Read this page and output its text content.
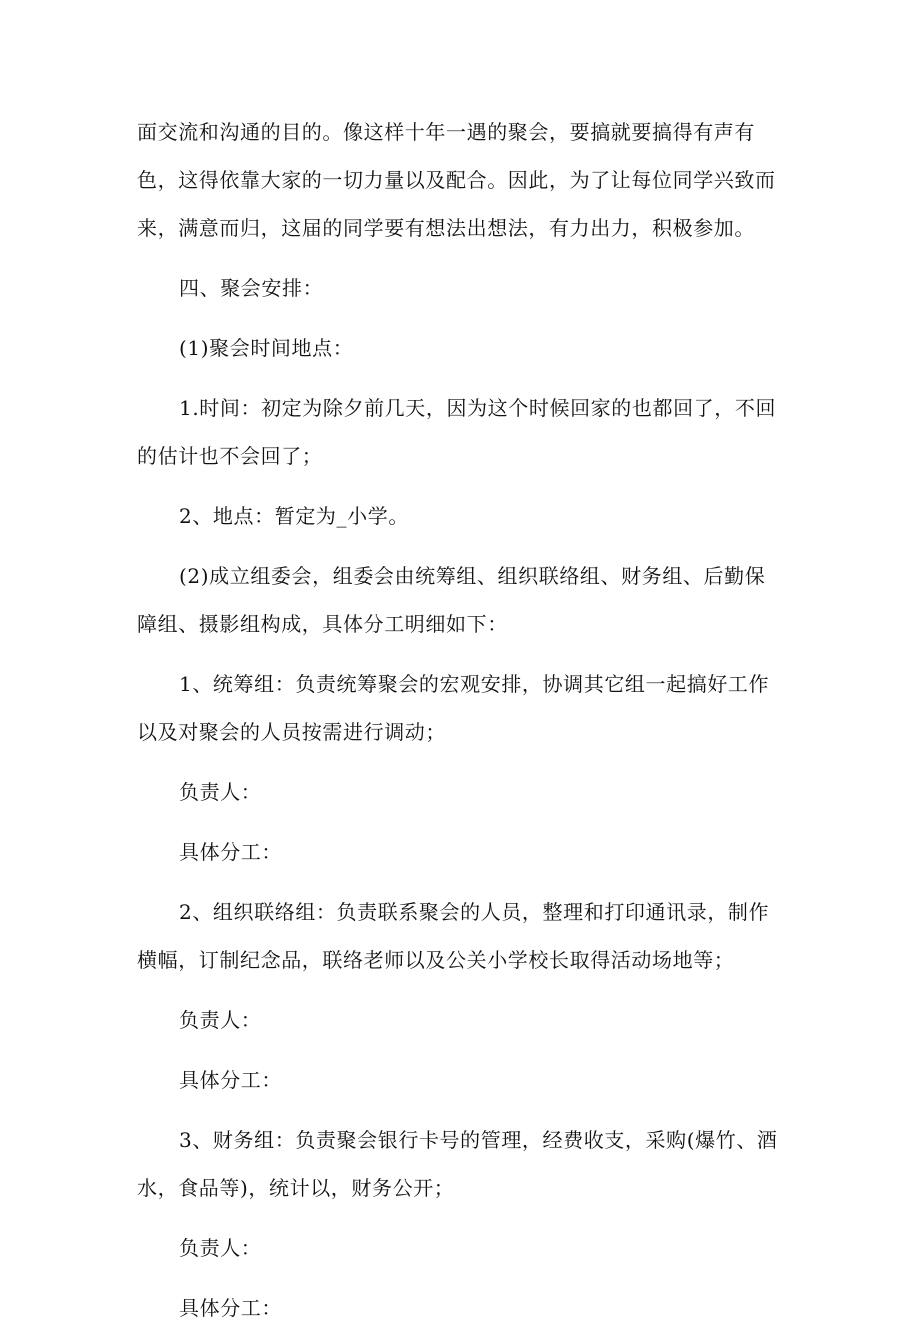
面交流和沟通的目的。像这样十年一遇的聚会，要搞就要搞得有声有色，这得依靠大家的一切力量以及配合。因此，为了让每位同学兴致而来，满意而归，这届的同学要有想法出想法，有力出力，积极参加。

四、聚会安排：

(1)聚会时间地点：

1.时间：初定为除夕前几天，因为这个时候回家的也都回了，不回的估计也不会回了；

2、地点：暂定为_小学。

(2)成立组委会，组委会由统筹组、组织联络组、财务组、后勤保障组、摄影组构成，具体分工明细如下：

1、统筹组：负责统筹聚会的宏观安排，协调其它组一起搞好工作以及对聚会的人员按需进行调动；

负责人：

具体分工：

2、组织联络组：负责联系聚会的人员，整理和打印通讯录，制作横幅，订制纪念品，联络老师以及公关小学校长取得活动场地等；

负责人：

具体分工：

3、财务组：负责聚会银行卡号的管理，经费收支，采购(爆竹、酒水，食品等)，统计以，财务公开；

负责人：

具体分工：
